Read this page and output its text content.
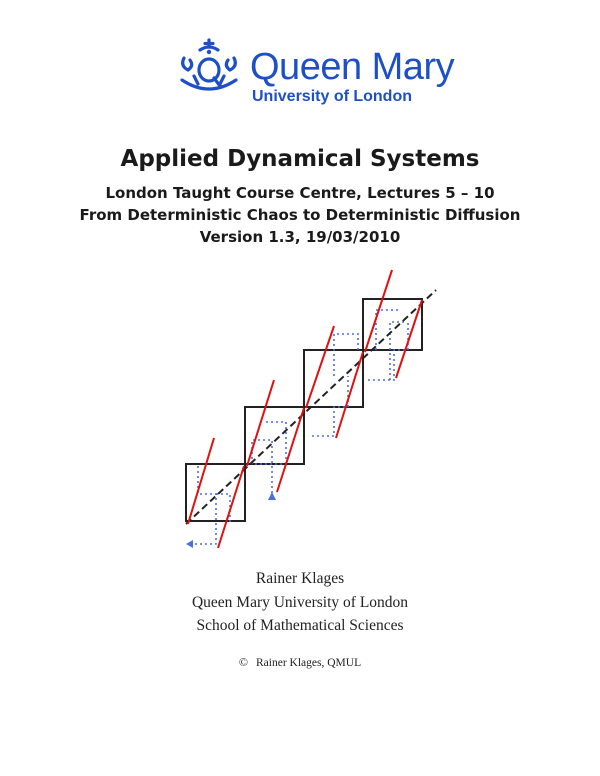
Queen Mary
University of London
Applied Dynamical Systems
London Taught Course Centre, Lectures 5 – 10
From Deterministic Chaos to Deterministic Diffusion
Version 1.3, 19/03/2010
Rainer Klages
Queen Mary University of London
School of Mathematical Sciences
© Rainer Klages, QMUL
